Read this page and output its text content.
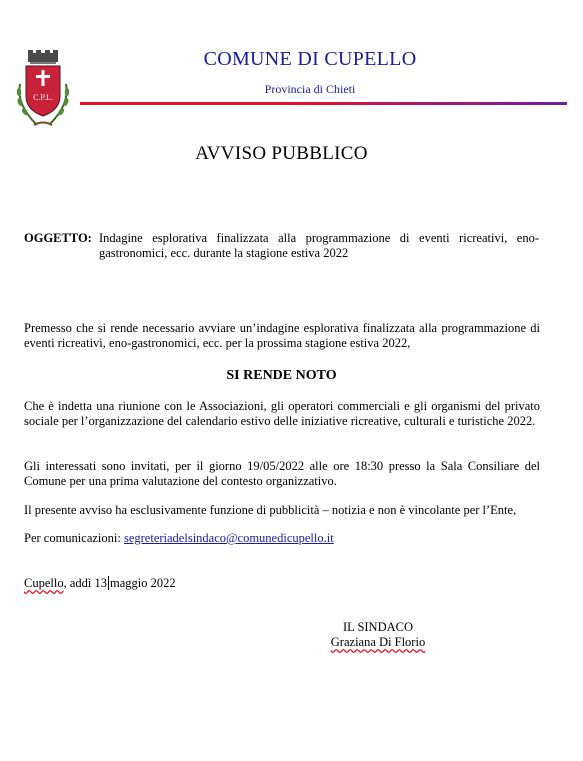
C.P.L.
COMUNE DI CUPELLO
Provincia di Chieti
AVVISO PUBBLICO
OGGETTO: Indagine esplorativa finalizzata alla programmazione di eventi ricreativi, eno-gastronomici, ecc. durante la stagione estiva 2022
Premesso che si rende necessario avviare un’indagine esplorativa finalizzata alla programmazione di eventi ricreativi, eno-gastronomici, ecc. per la prossima stagione estiva 2022,
SI RENDE NOTO
Che è indetta una riunione con le Associazioni, gli operatori commerciali e gli organismi del privato sociale per l’organizzazione del calendario estivo delle iniziative ricreative, culturali e turistiche 2022.
Gli interessati sono invitati, per il giorno 19/05/2022 alle ore 18:30 presso la Sala Consiliare del Comune per una prima valutazione del contesto organizzativo.
Il presente avviso ha esclusivamente funzione di pubblicità – notizia e non è vincolante per l’Ente,
Per comunicazioni: segreteriadelsindaco@comunedicupello.it
Cupello, addì 13 maggio 2022
IL SINDACO
Graziana Di Florio
